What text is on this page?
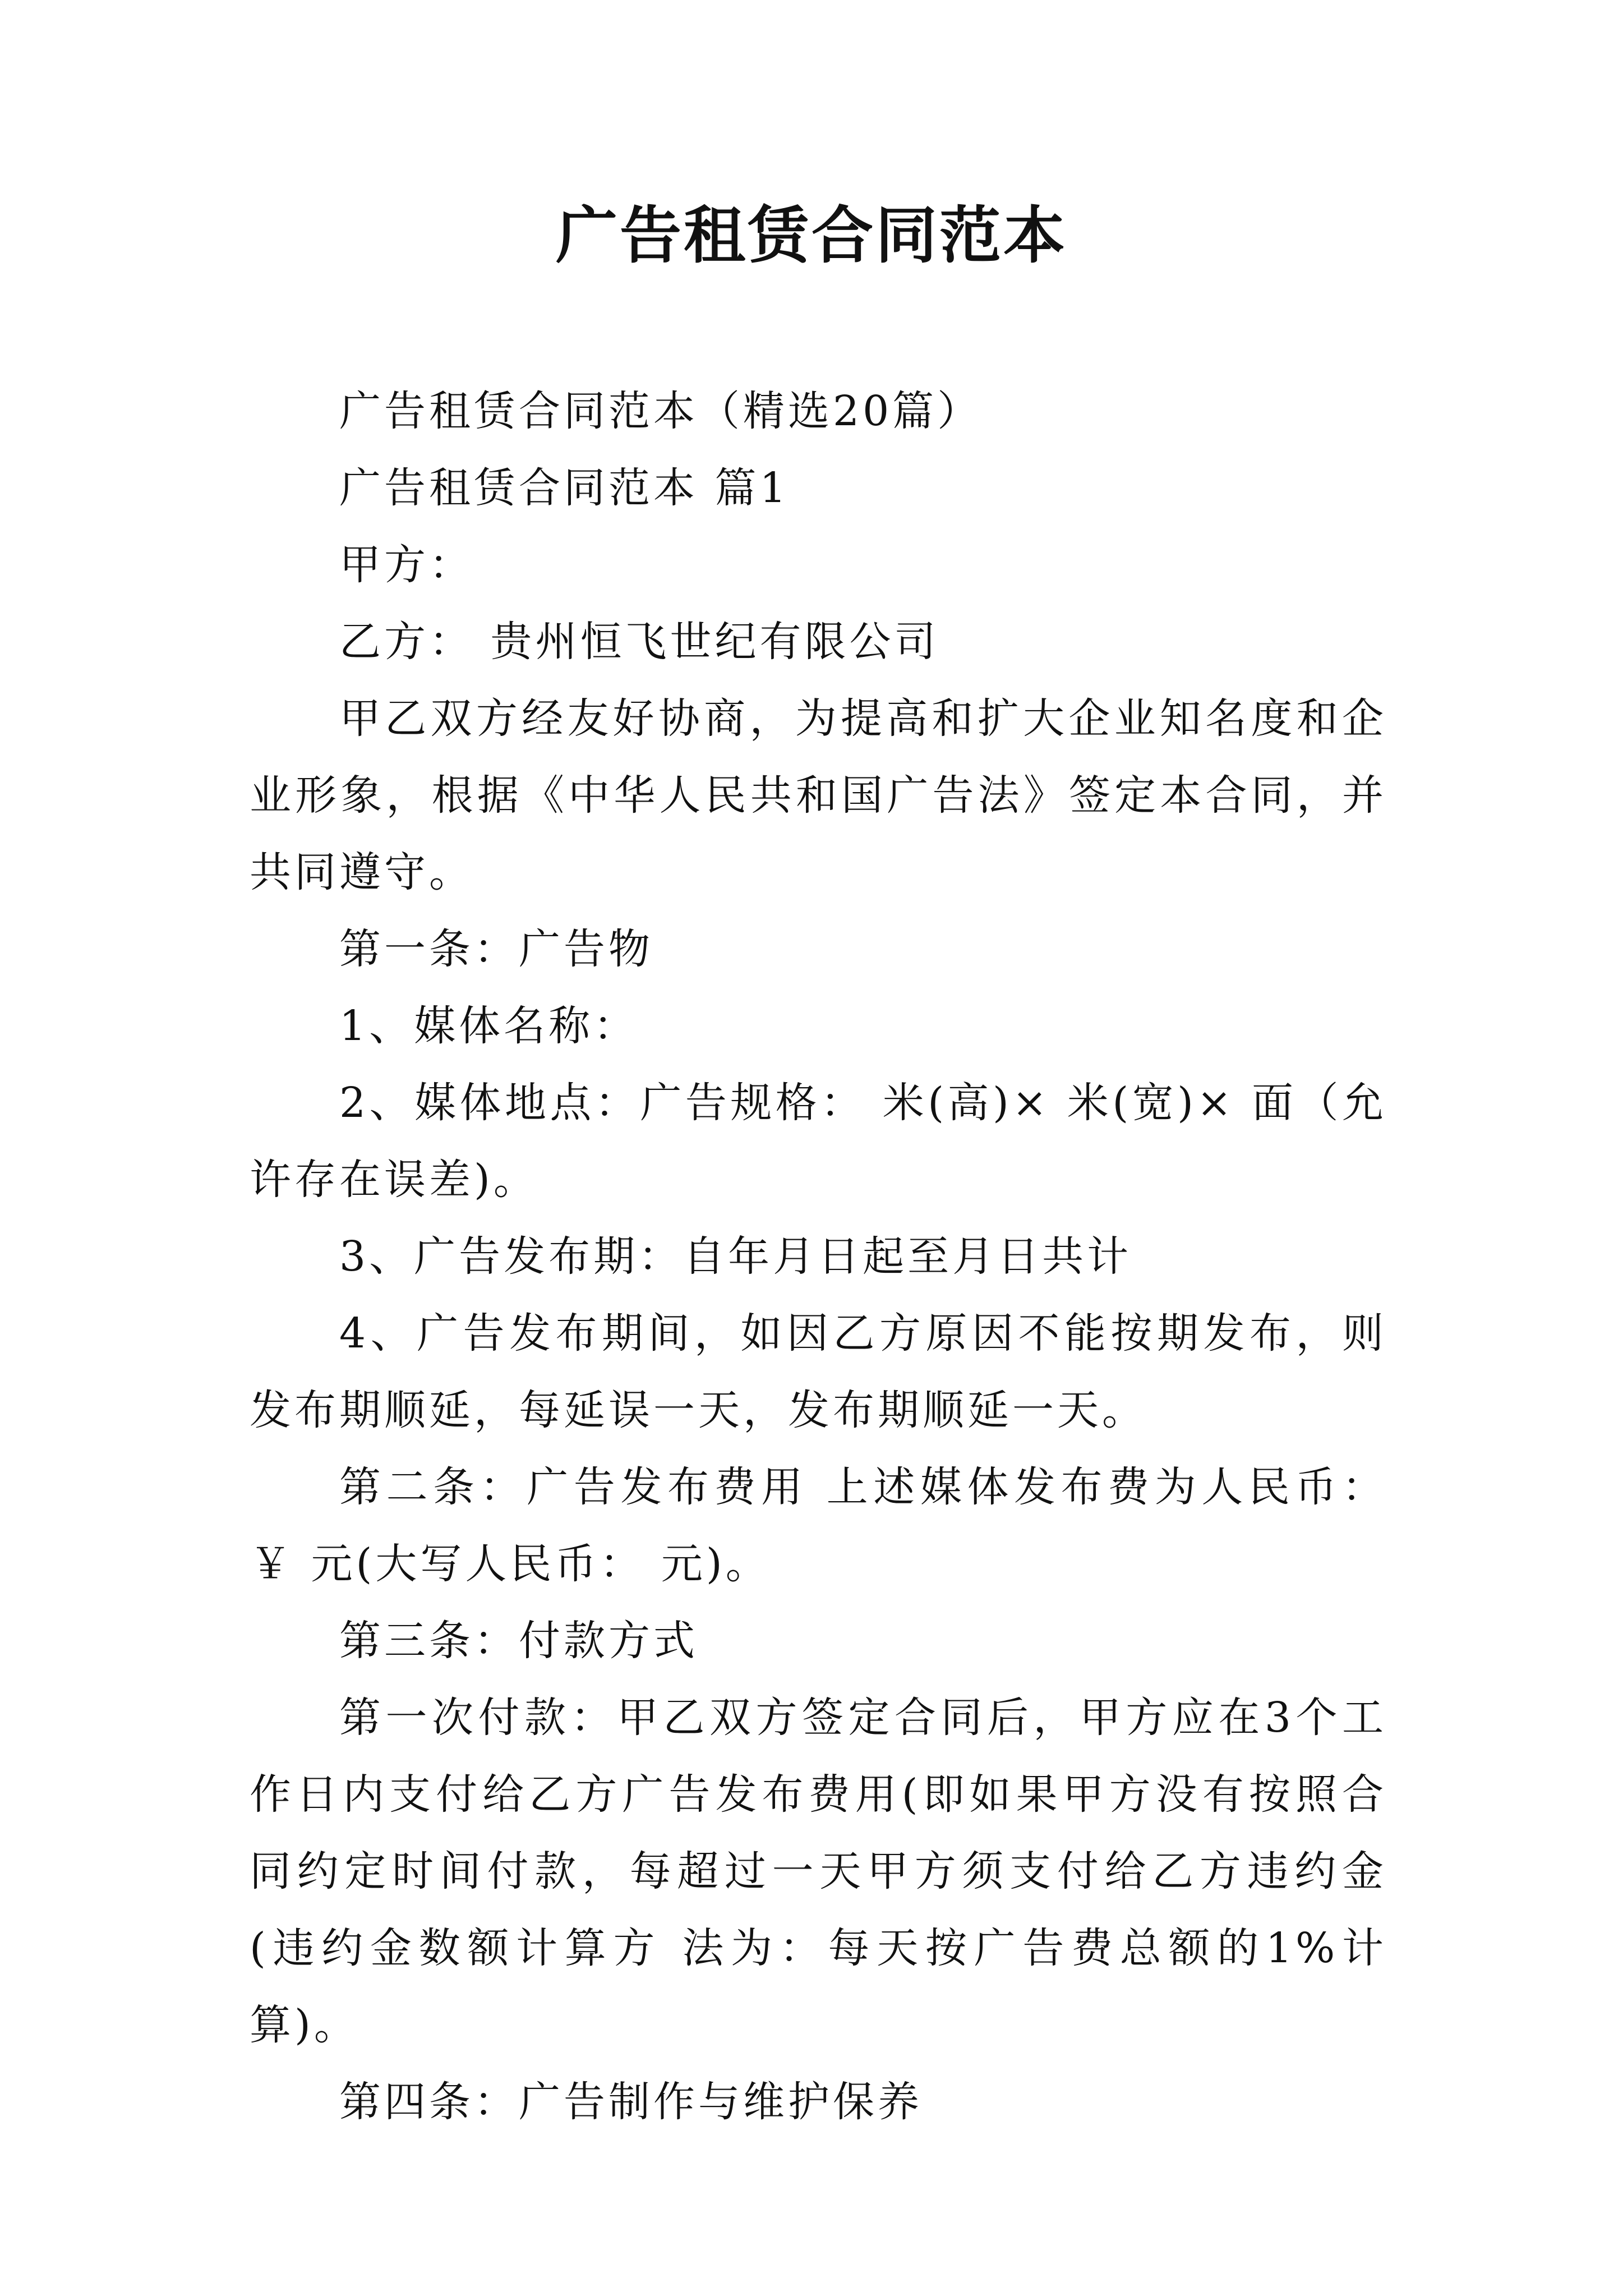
广告租赁合同范本

广告租赁合同范本（精选20篇）

广告租赁合同范本 篇1

甲方：

乙方： 贵州恒飞世纪有限公司

甲乙双方经友好协商，为提高和扩大企业知名度和企业形象，根据《中华人民共和国广告法》签定本合同，并共同遵守。

第一条：广告物

1、媒体名称：

2、媒体地点：广告规格： 米(高)× 米(宽)× 面（允许存在误差)。

3、广告发布期：自年月日起至月日共计

4、广告发布期间，如因乙方原因不能按期发布，则发布期顺延，每延误一天，发布期顺延一天。

第二条：广告发布费用 上述媒体发布费为人民币：￥ 元(大写人民币： 元)。

第三条：付款方式

第一次付款：甲乙双方签定合同后，甲方应在3个工作日内支付给乙方广告发布费用(即如果甲方没有按照合同约定时间付款，每超过一天甲方须支付给乙方违约金(违约金数额计算方 法为：每天按广告费总额的1%计算)。

第四条：广告制作与维护保养
